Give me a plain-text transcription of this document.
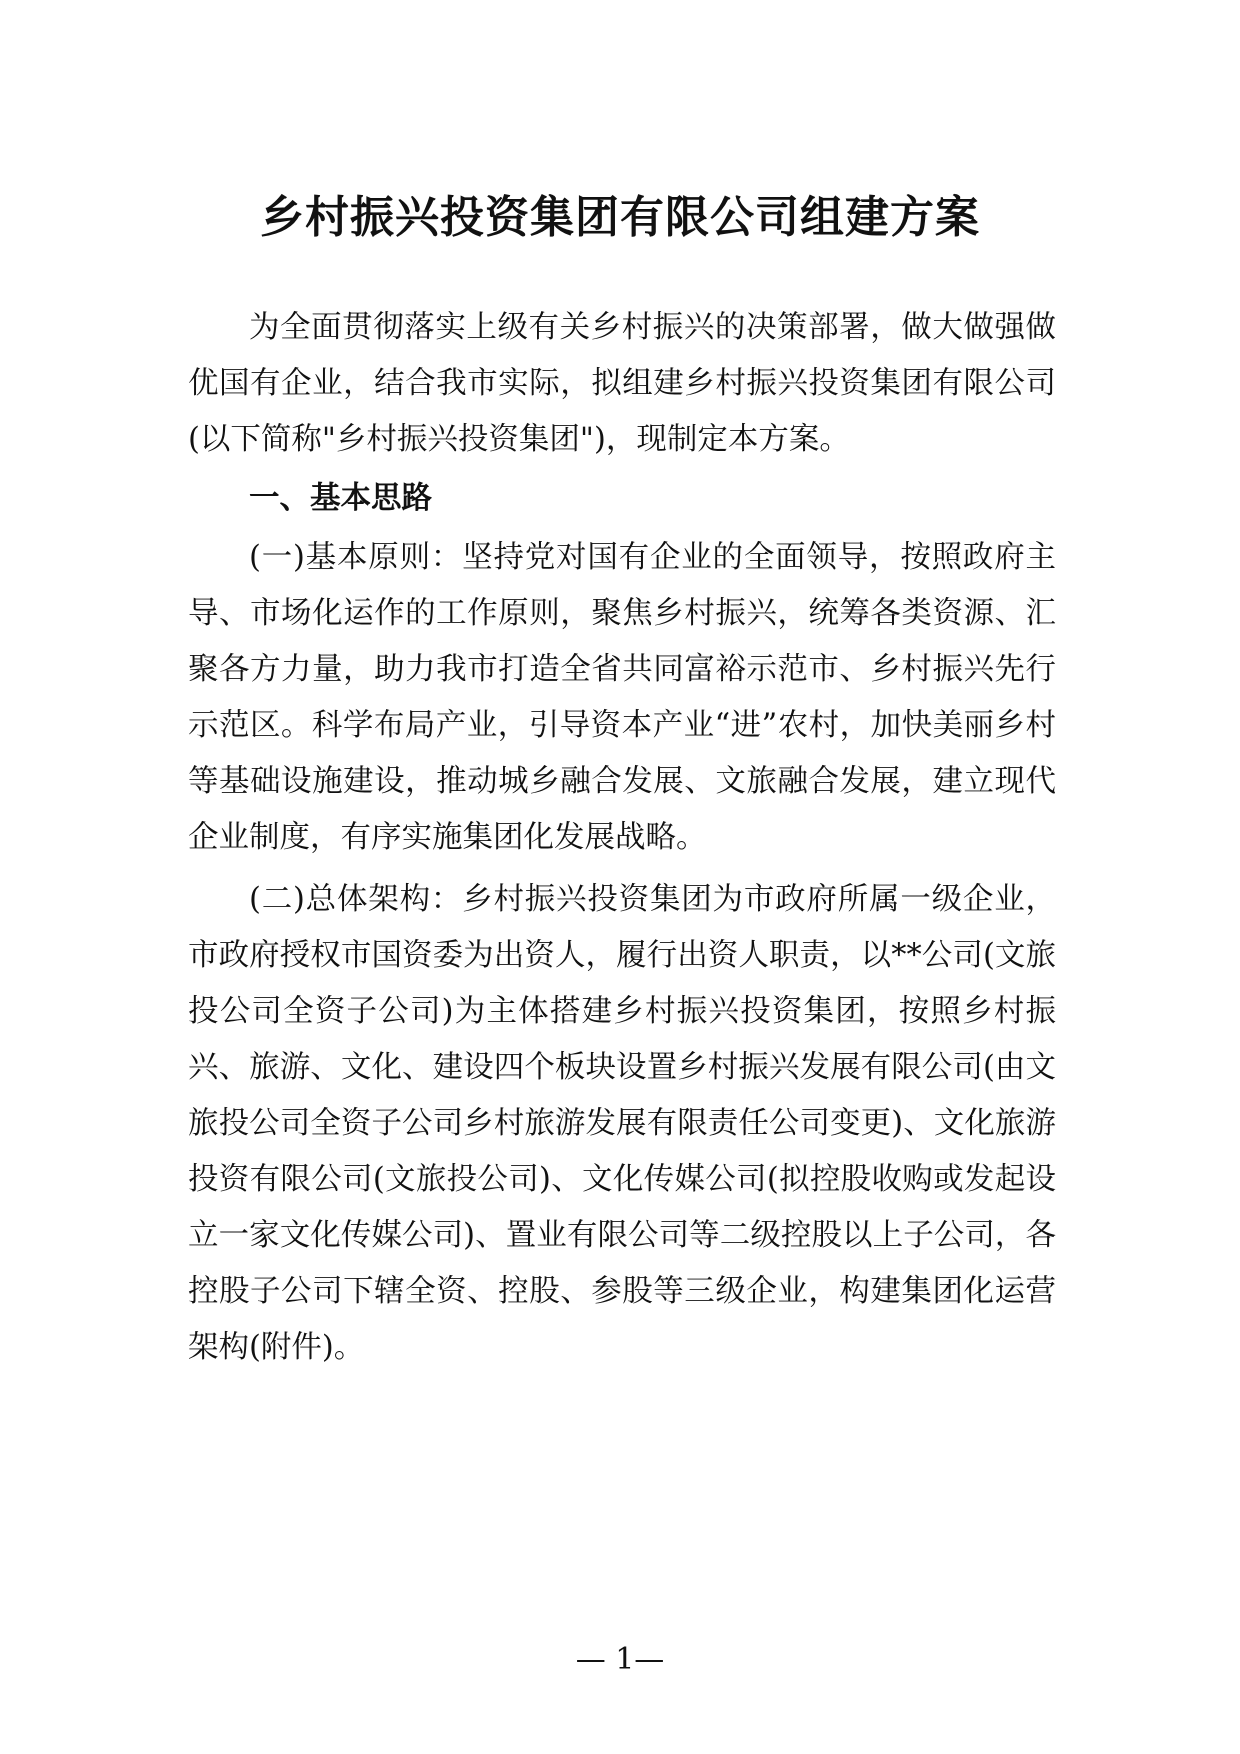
乡村振兴投资集团有限公司组建方案

为全面贯彻落实上级有关乡村振兴的决策部署，做大做强做优国有企业，结合我市实际，拟组建乡村振兴投资集团有限公司(以下简称"乡村振兴投资集团")，现制定本方案。

一、基本思路

(一)基本原则：坚持党对国有企业的全面领导，按照政府主导、市场化运作的工作原则，聚焦乡村振兴，统筹各类资源、汇聚各方力量，助力我市打造全省共同富裕示范市、乡村振兴先行示范区。科学布局产业，引导资本产业“进”农村，加快美丽乡村等基础设施建设，推动城乡融合发展、文旅融合发展，建立现代企业制度，有序实施集团化发展战略。

(二)总体架构：乡村振兴投资集团为市政府所属一级企业，市政府授权市国资委为出资人，履行出资人职责，以**公司(文旅投公司全资子公司)为主体搭建乡村振兴投资集团，按照乡村振兴、旅游、文化、建设四个板块设置乡村振兴发展有限公司(由文旅投公司全资子公司乡村旅游发展有限责任公司变更)、文化旅游投资有限公司(文旅投公司)、文化传媒公司(拟控股收购或发起设立一家文化传媒公司)、置业有限公司等二级控股以上子公司，各控股子公司下辖全资、控股、参股等三级企业，构建集团化运营架构(附件)。

— 1—
